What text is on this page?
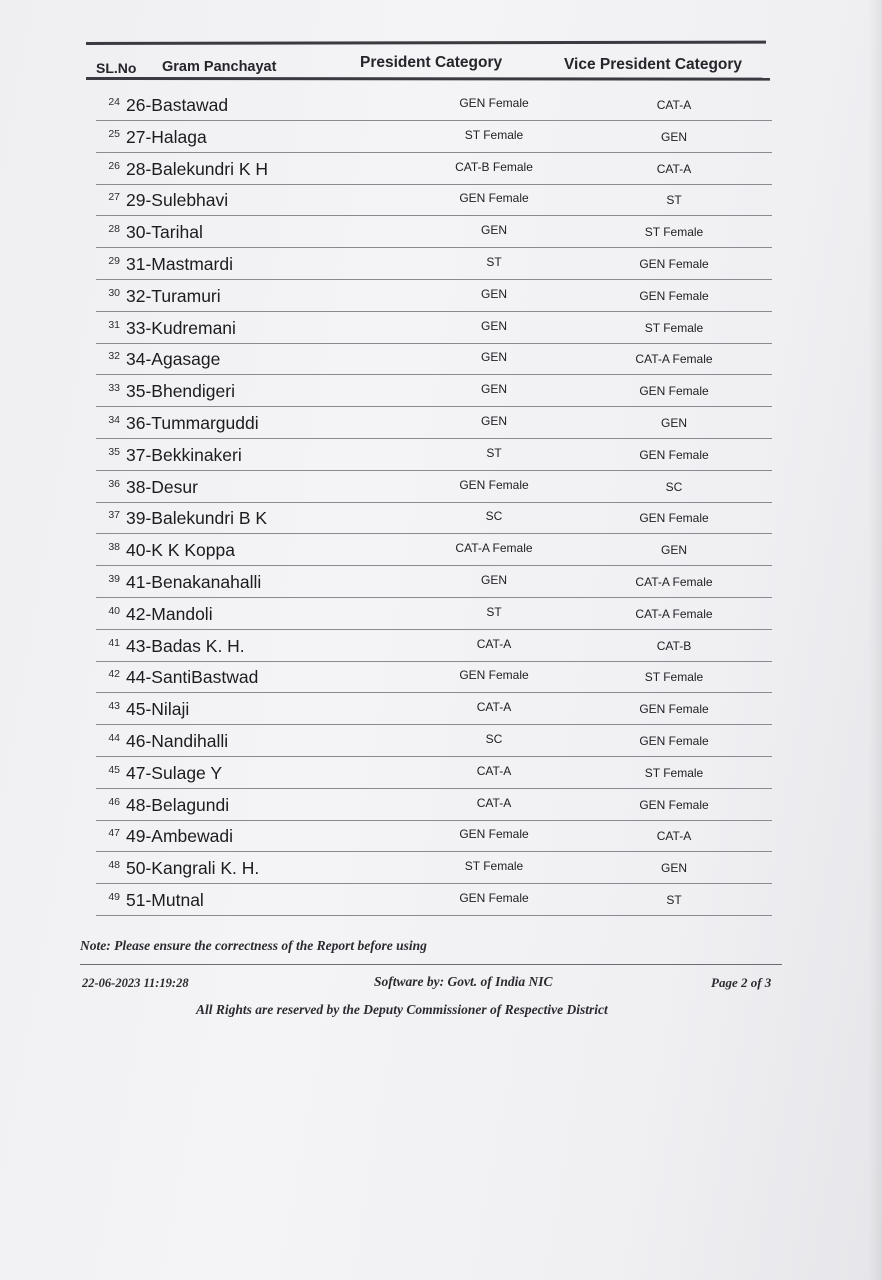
SL.No Gram Panchayat	President Category	Vice President Category
24 26-Bastawad	GEN Female	CAT-A
25 27-Halaga	ST Female	GEN
26 28-Balekundri K H	CAT-B Female	CAT-A
27 29-Sulebhavi	GEN Female	ST
28 30-Tarihal	GEN	ST Female
29 31-Mastmardi	ST	GEN Female
30 32-Turamuri	GEN	GEN Female
31 33-Kudremani	GEN	ST Female
32 34-Agasage	GEN	CAT-A Female
33 35-Bhendigeri	GEN	GEN Female
34 36-Tummarguddi	GEN	GEN
35 37-Bekkinakeri	ST	GEN Female
36 38-Desur	GEN Female	SC
37 39-Balekundri B K	SC	GEN Female
38 40-K K Koppa	CAT-A Female	GEN
39 41-Benakanahalli	GEN	CAT-A Female
40 42-Mandoli	ST	CAT-A Female
41 43-Badas K. H.	CAT-A	CAT-B
42 44-SantiBastwad	GEN Female	ST Female
43 45-Nilaji	CAT-A	GEN Female
44 46-Nandihalli	SC	GEN Female
45 47-Sulage Y	CAT-A	ST Female
46 48-Belagundi	CAT-A	GEN Female
47 49-Ambewadi	GEN Female	CAT-A
48 50-Kangrali K. H.	ST Female	GEN
49 51-Mutnal	GEN Female	ST
Note: Please ensure the correctness of the Report before using
22-06-2023 11:19:28	Software by: Govt. of India NIC	Page 2 of 3
All Rights are reserved by the Deputy Commissioner of Respective District
